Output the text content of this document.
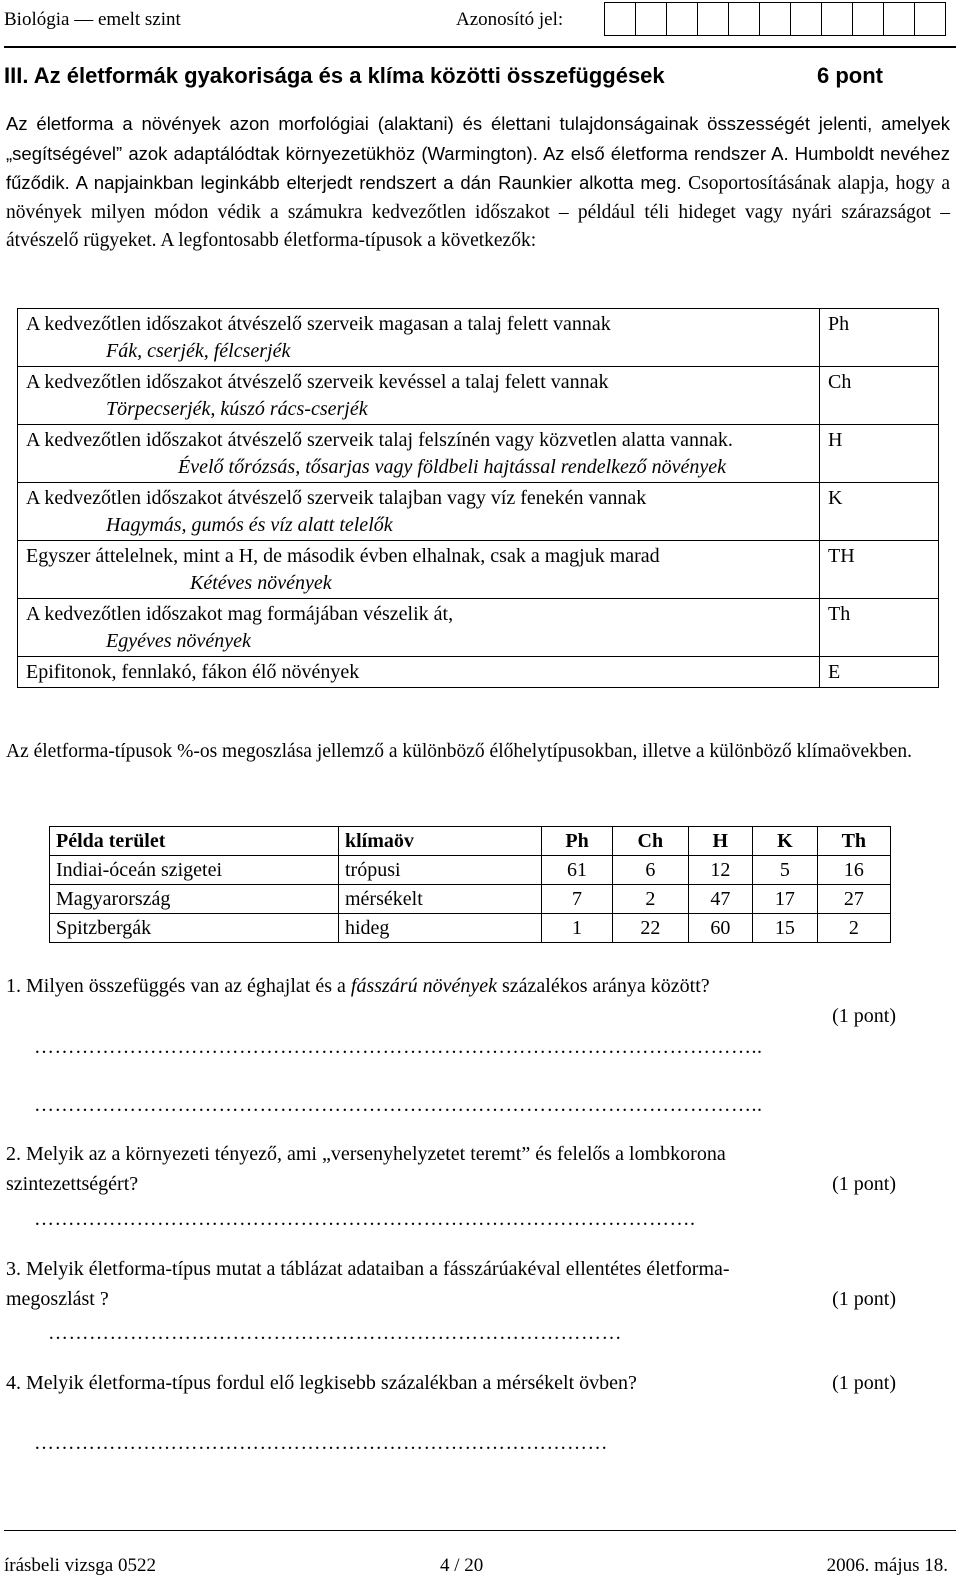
Biológia — emelt szint	Azonosító jel:
III. Az életformák gyakorisága és a klíma közötti összefüggések	6 pont

Az életforma a növények azon morfológiai (alaktani) és élettani tulajdonságainak összességét jelenti, amelyek „segítségével” azok adaptálódtak környezetükhöz (Warmington). Az első életforma rendszer A. Humboldt nevéhez fűződik. A napjainkban leginkább elterjedt rendszert a dán Raunkier alkotta meg. Csoportosításának alapja, hogy a növények milyen módon védik a számukra kedvezőtlen időszakot – például téli hideget vagy nyári szárazságot – átvészelő rügyeket. A legfontosabb életforma-típusok a következők:

A kedvezőtlen időszakot átvészelő szerveik magasan a talaj felett vannak
Fák, cserjék, félcserjék	Ph

A kedvezőtlen időszakot átvészelő szerveik kevéssel a talaj felett vannak
Törpecserjék, kúszó rács-cserjék	Ch

A kedvezőtlen időszakot átvészelő szerveik talaj felszínén vagy közvetlen alatta vannak.
Évelő tőrózsás, tősarjas vagy földbeli hajtással rendelkező növények	H

A kedvezőtlen időszakot átvészelő szerveik talajban vagy víz fenekén vannak
Hagymás, gumós és víz alatt telelők	K

Egyszer áttelelnek, mint a H, de második évben elhalnak, csak a magjuk marad
Kétéves növények	TH

A kedvezőtlen időszakot mag formájában vészelik át,
Egyéves növények	Th

Epifitonok, fennlakó, fákon élő növények	E
Az életforma-típusok %-os megoszlása jellemző a különböző élőhelytípusokban, illetve a különböző klímaövekben.
Példa terület	klímaöv	Ph	Ch	H	K	Th
Indiai-óceán szigetei	trópusi	61	6	12	5	16
Magyarország	mérsékelt	7	2	47	17	27
Spitzbergák	hideg	1	22	60	15	2
1. Milyen összefüggés van az éghajlat és a fásszárú növények százalékos aránya között?
(1 pont)
……………………………………………………………………………………………..
……………………………………………………………………………………………..
2. Melyik az a környezeti tényező, ami „versenyhelyzetet teremt” és felelős a lombkorona
szintezettségért?	(1 pont)
…………………………………………………………………………………….
3. Melyik életforma-típus mutat a táblázat adataiban a fásszárúakéval ellentétes életforma-
megoszlást ?	(1 pont)
…………………………………………………………………………
4. Melyik életforma-típus fordul elő legkisebb százalékban a mérsékelt övben?	(1 pont)
…………………………………………………………………………
írásbeli vizsga 0522	4 / 20	2006. május 18.
